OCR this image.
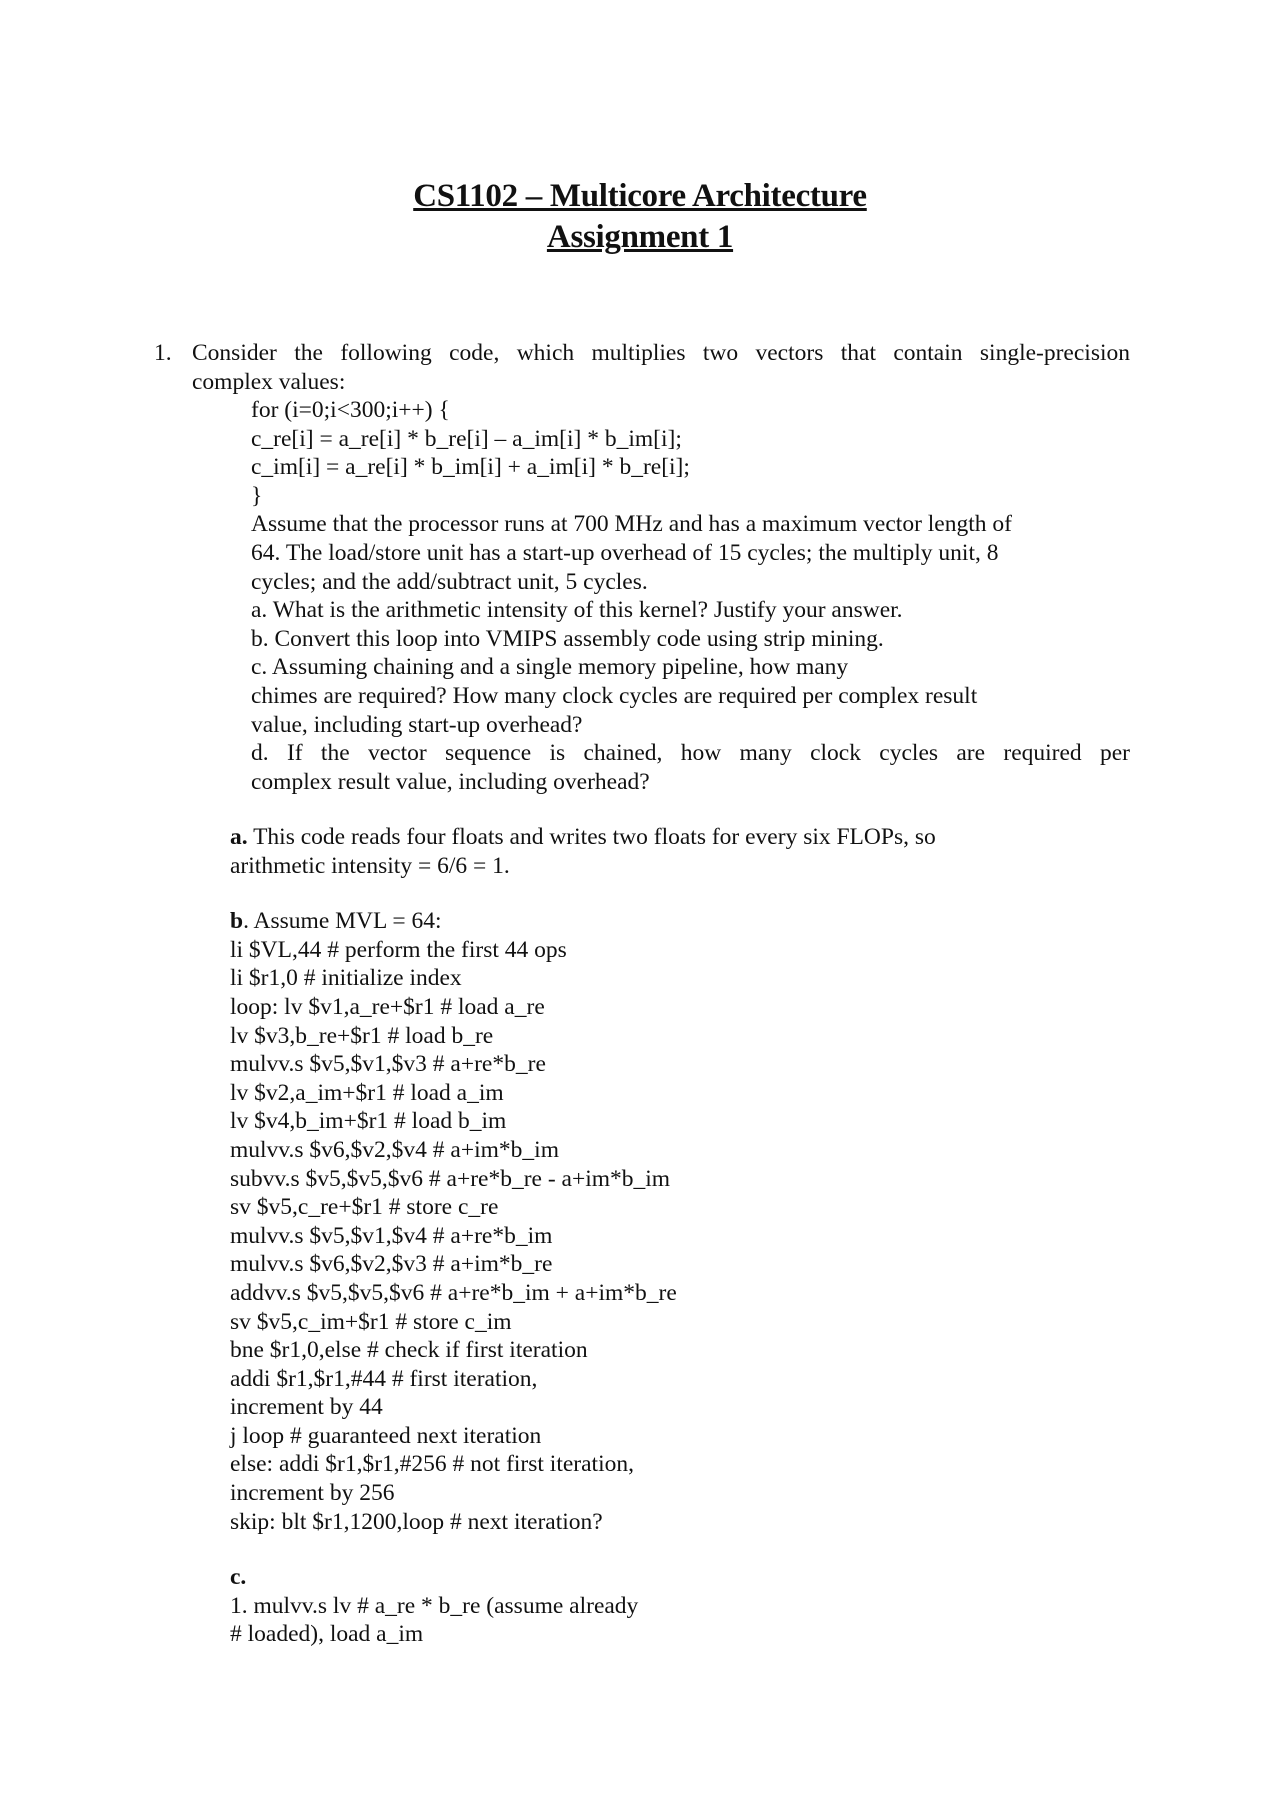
CS1102 – Multicore Architecture
Assignment 1
1. Consider the following code, which multiplies two vectors that contain single-precision
complex values:
for (i=0;i<300;i++) {
c_re[i] = a_re[i] * b_re[i] – a_im[i] * b_im[i];
c_im[i] = a_re[i] * b_im[i] + a_im[i] * b_re[i];
}
Assume that the processor runs at 700 MHz and has a maximum vector length of
64. The load/store unit has a start-up overhead of 15 cycles; the multiply unit, 8
cycles; and the add/subtract unit, 5 cycles.
a. What is the arithmetic intensity of this kernel? Justify your answer.
b. Convert this loop into VMIPS assembly code using strip mining.
c. Assuming chaining and a single memory pipeline, how many
chimes are required? How many clock cycles are required per complex result
value, including start-up overhead?
d. If the vector sequence is chained, how many clock cycles are required per
complex result value, including overhead?
a. This code reads four floats and writes two floats for every six FLOPs, so
arithmetic intensity = 6/6 = 1.
b. Assume MVL = 64:
li $VL,44 # perform the first 44 ops
li $r1,0 # initialize index
loop: lv $v1,a_re+$r1 # load a_re
lv $v3,b_re+$r1 # load b_re
mulvv.s $v5,$v1,$v3 # a+re*b_re
lv $v2,a_im+$r1 # load a_im
lv $v4,b_im+$r1 # load b_im
mulvv.s $v6,$v2,$v4 # a+im*b_im
subvv.s $v5,$v5,$v6 # a+re*b_re - a+im*b_im
sv $v5,c_re+$r1 # store c_re
mulvv.s $v5,$v1,$v4 # a+re*b_im
mulvv.s $v6,$v2,$v3 # a+im*b_re
addvv.s $v5,$v5,$v6 # a+re*b_im + a+im*b_re
sv $v5,c_im+$r1 # store c_im
bne $r1,0,else # check if first iteration
addi $r1,$r1,#44 # first iteration,
increment by 44
j loop # guaranteed next iteration
else: addi $r1,$r1,#256 # not first iteration,
increment by 256
skip: blt $r1,1200,loop # next iteration?
c.
1. mulvv.s lv # a_re * b_re (assume already
# loaded), load a_im
